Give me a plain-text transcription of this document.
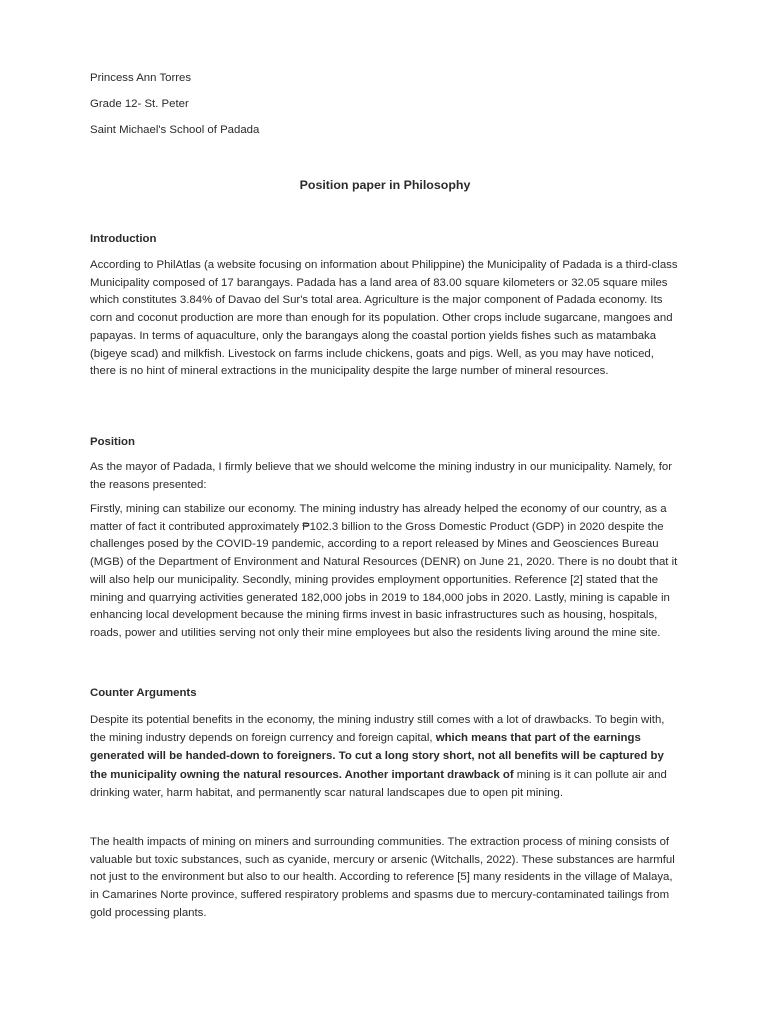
Princess Ann Torres
Grade 12- St. Peter
Saint Michael's School of Padada
Position paper in Philosophy
Introduction
According to PhilAtlas (a website focusing on information about Philippine) the Municipality of Padada is a third-class Municipality composed of 17 barangays. Padada has a land area of 83.00 square kilometers or 32.05 square miles which constitutes 3.84% of Davao del Sur's total area. Agriculture is the major component of Padada economy. Its corn and coconut production are more than enough for its population. Other crops include sugarcane, mangoes and papayas. In terms of aquaculture, only the barangays along the coastal portion yields fishes such as matambaka (bigeye scad) and milkfish. Livestock on farms include chickens, goats and pigs. Well, as you may have noticed, there is no hint of mineral extractions in the municipality despite the large number of mineral resources.
Position
As the mayor of Padada, I firmly believe that we should welcome the mining industry in our municipality. Namely, for the reasons presented:
Firstly, mining can stabilize our economy. The mining industry has already helped the economy of our country, as a matter of fact it contributed approximately ₱102.3 billion to the Gross Domestic Product (GDP) in 2020 despite the challenges posed by the COVID-19 pandemic, according to a report released by Mines and Geosciences Bureau (MGB) of the Department of Environment and Natural Resources (DENR) on June 21, 2020. There is no doubt that it will also help our municipality. Secondly, mining provides employment opportunities. Reference [2] stated that the mining and quarrying activities generated 182,000 jobs in 2019 to 184,000 jobs in 2020. Lastly, mining is capable in enhancing local development because the mining firms invest in basic infrastructures such as housing, hospitals, roads, power and utilities serving not only their mine employees but also the residents living around the mine site.
Counter Arguments
Despite its potential benefits in the economy, the mining industry still comes with a lot of drawbacks. To begin with, the mining industry depends on foreign currency and foreign capital, which means that part of the earnings generated will be handed-down to foreigners. To cut a long story short, not all benefits will be captured by the municipality owning the natural resources. Another important drawback of mining is it can pollute air and drinking water, harm habitat, and permanently scar natural landscapes due to open pit mining.
The health impacts of mining on miners and surrounding communities. The extraction process of mining consists of valuable but toxic substances, such as cyanide, mercury or arsenic (Witchalls, 2022). These substances are harmful not just to the environment but also to our health. According to reference [5] many residents in the village of Malaya, in Camarines Norte province, suffered respiratory problems and spasms due to mercury-contaminated tailings from gold processing plants.
